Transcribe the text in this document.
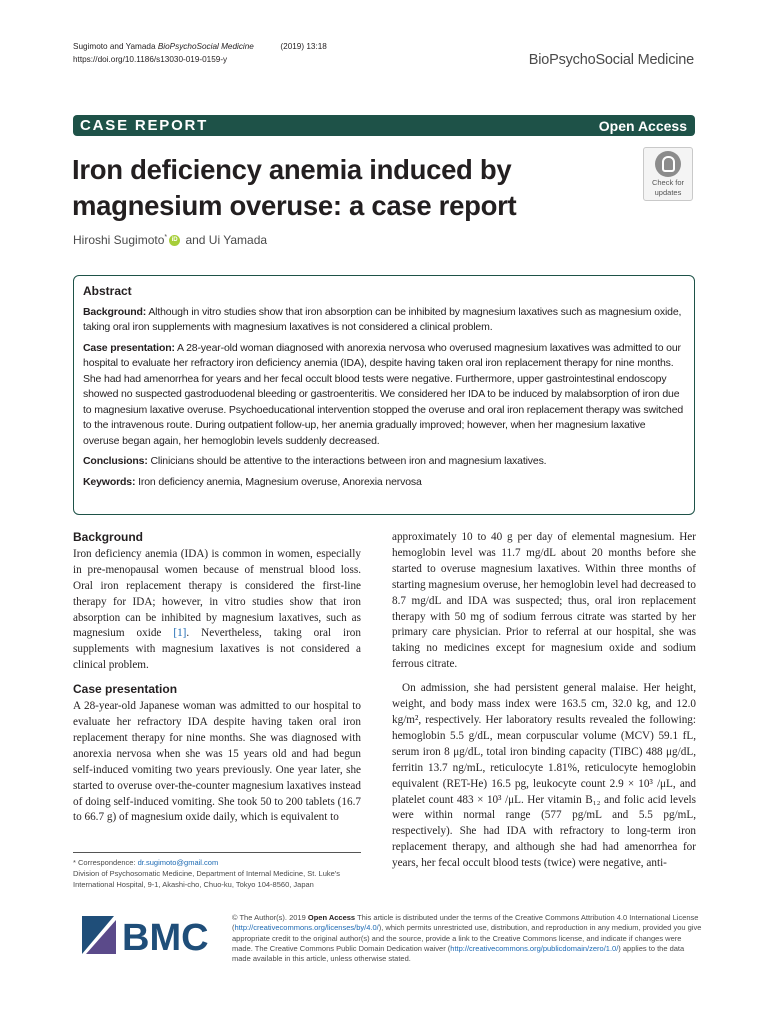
Sugimoto and Yamada BioPsychoSocial Medicine	(2019) 13:18
https://doi.org/10.1186/s13030-019-0159-y	BioPsychoSocial Medicine
CASE REPORT	Open Access
Iron deficiency anemia induced by magnesium overuse: a case report
Check for
updates
Hiroshi Sugimoto* iD and Ui Yamada
Abstract

Background: Although in vitro studies show that iron absorption can be inhibited by magnesium laxatives such as magnesium oxide, taking oral iron supplements with magnesium laxatives is not considered a clinical problem.

Case presentation: A 28-year-old woman diagnosed with anorexia nervosa who overused magnesium laxatives was admitted to our hospital to evaluate her refractory iron deficiency anemia (IDA), despite having taken oral iron replacement therapy for nine months. She had had amenorrhea for years and her fecal occult blood tests were negative. Furthermore, upper gastrointestinal endoscopy showed no suspected gastroduodenal bleeding or gastroenteritis. We considered her IDA to be induced by malabsorption of iron due to magnesium laxative overuse. Psychoeducational intervention stopped the overuse and oral iron replacement therapy was switched to the intravenous route. During outpatient follow-up, her anemia gradually improved; however, when her magnesium laxative overuse began again, her hemoglobin levels suddenly decreased.

Conclusions: Clinicians should be attentive to the interactions between iron and magnesium laxatives.

Keywords: Iron deficiency anemia, Magnesium overuse, Anorexia nervosa

Background

Iron deficiency anemia (IDA) is common in women, especially in pre-menopausal women because of menstrual blood loss. Oral iron replacement therapy is considered the first-line therapy for IDA; however, in vitro studies show that iron absorption can be inhibited by magnesium laxatives, such as magnesium oxide [1]. Nevertheless, taking oral iron supplements with magnesium laxatives is not considered a clinical problem.

Case presentation

A 28-year-old Japanese woman was admitted to our hospital to evaluate her refractory IDA despite having taken oral iron replacement therapy for nine months. She was diagnosed with anorexia nervosa when she was 15 years old and had begun self-induced vomiting two years previously. One year later, she started to overuse over-the-counter magnesium laxatives instead of doing self-induced vomiting. She took 50 to 200 tablets (16.7 to 66.7 g) of magnesium oxide daily, which is equivalent to

approximately 10 to 40 g per day of elemental magnesium. Her hemoglobin level was 11.7 mg/dL about 20 months before she started to overuse magnesium laxatives. Within three months of starting magnesium overuse, her hemoglobin level had decreased to 8.7 mg/dL and IDA was suspected; thus, oral iron replacement therapy with 50 mg of sodium ferrous citrate was started by her primary care physician. Prior to referral at our hospital, she was taking no medicines except for magnesium oxide and sodium ferrous citrate.

On admission, she had persistent general malaise. Her height, weight, and body mass index were 163.5 cm, 32.0 kg, and 12.0 kg/m², respectively. Her laboratory results revealed the following: hemoglobin 5.5 g/dL, mean corpuscular volume (MCV) 59.1 fL, serum iron 8 μg/dL, total iron binding capacity (TIBC) 488 μg/dL, ferritin 13.7 ng/mL, reticulocyte 1.81%, reticulocyte hemoglobin equivalent (RET-He) 16.5 pg, leukocyte count 2.9 × 10³ /μL, and platelet count 483 × 10³ /μL. Her vitamin B₁₂ and folic acid levels were within normal range (577 pg/mL and 5.5 pg/mL, respectively). She had IDA with refractory to long-term iron replacement therapy, and although she had had amenorrhea for years, her fecal occult blood tests (twice) were negative, anti-

* Correspondence: dr.sugimoto@gmail.com
Division of Psychosomatic Medicine, Department of Internal Medicine, St. Luke's International Hospital, 9-1, Akashi-cho, Chuo-ku, Tokyo 104-8560, Japan
BMC	© The Author(s). 2019 Open Access This article is distributed under the terms of the Creative Commons Attribution 4.0 International License (http://creativecommons.org/licenses/by/4.0/), which permits unrestricted use, distribution, and reproduction in any medium, provided you give appropriate credit to the original author(s) and the source, provide a link to the Creative Commons license, and indicate if changes were made. The Creative Commons Public Domain Dedication waiver (http://creativecommons.org/publicdomain/zero/1.0/) applies to the data made available in this article, unless otherwise stated.
